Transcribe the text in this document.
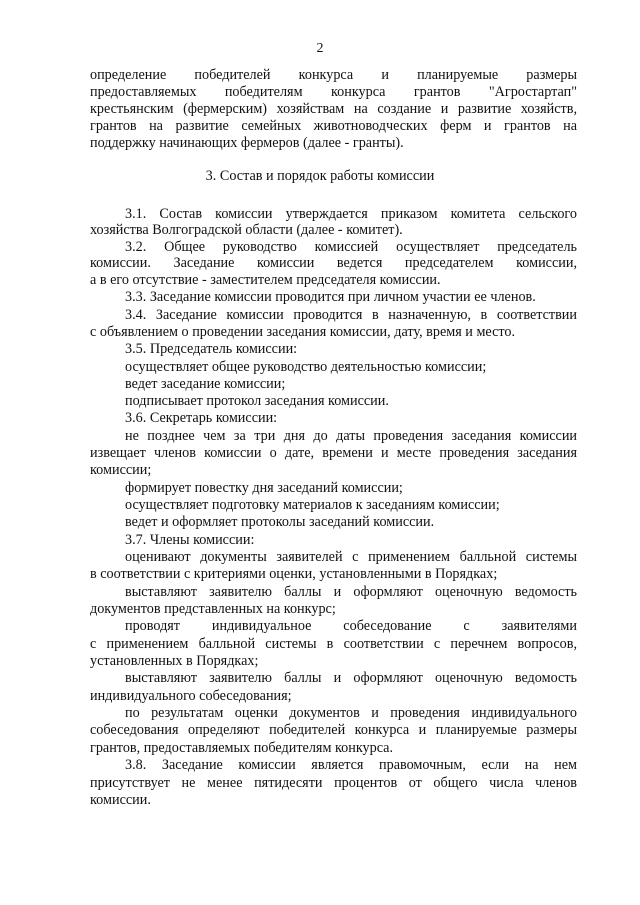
2
определение победителей конкурса и планируемые размеры
предоставляемых победителям конкурса грантов "Агростартап"
крестьянским (фермерским) хозяйствам на создание и развитие хозяйств,
грантов на развитие семейных животноводческих ферм и грантов на
поддержку начинающих фермеров (далее - гранты).
3. Состав и порядок работы комиссии
3.1. Состав комиссии утверждается приказом комитета сельского
хозяйства Волгоградской области (далее - комитет).
3.2. Общее руководство комиссией осуществляет председатель
комиссии. Заседание комиссии ведется председателем комиссии,
а в его отсутствие - заместителем председателя комиссии.
3.3. Заседание комиссии проводится при личном участии ее членов.
3.4. Заседание комиссии проводится в назначенную, в соответствии
с объявлением о проведении заседания комиссии, дату, время и место.
3.5. Председатель комиссии:
осуществляет общее руководство деятельностью комиссии;
ведет заседание комиссии;
подписывает протокол заседания комиссии.
3.6. Секретарь комиссии:
не позднее чем за три дня до даты проведения заседания комиссии
извещает членов комиссии о дате, времени и месте проведения заседания
комиссии;
формирует повестку дня заседаний комиссии;
осуществляет подготовку материалов к заседаниям комиссии;
ведет и оформляет протоколы заседаний комиссии.
3.7. Члены комиссии:
оценивают документы заявителей с применением балльной системы
в соответствии с критериями оценки, установленными в Порядках;
выставляют заявителю баллы и оформляют оценочную ведомость
документов представленных на конкурс;
проводят индивидуальное собеседование с заявителями
с применением балльной системы в соответствии с перечнем вопросов,
установленных в Порядках;
выставляют заявителю баллы и оформляют оценочную ведомость
индивидуального собеседования;
по результатам оценки документов и проведения индивидуального
собеседования определяют победителей конкурса и планируемые размеры
грантов, предоставляемых победителям конкурса.
3.8. Заседание комиссии является правомочным, если на нем
присутствует не менее пятидесяти процентов от общего числа членов
комиссии.
